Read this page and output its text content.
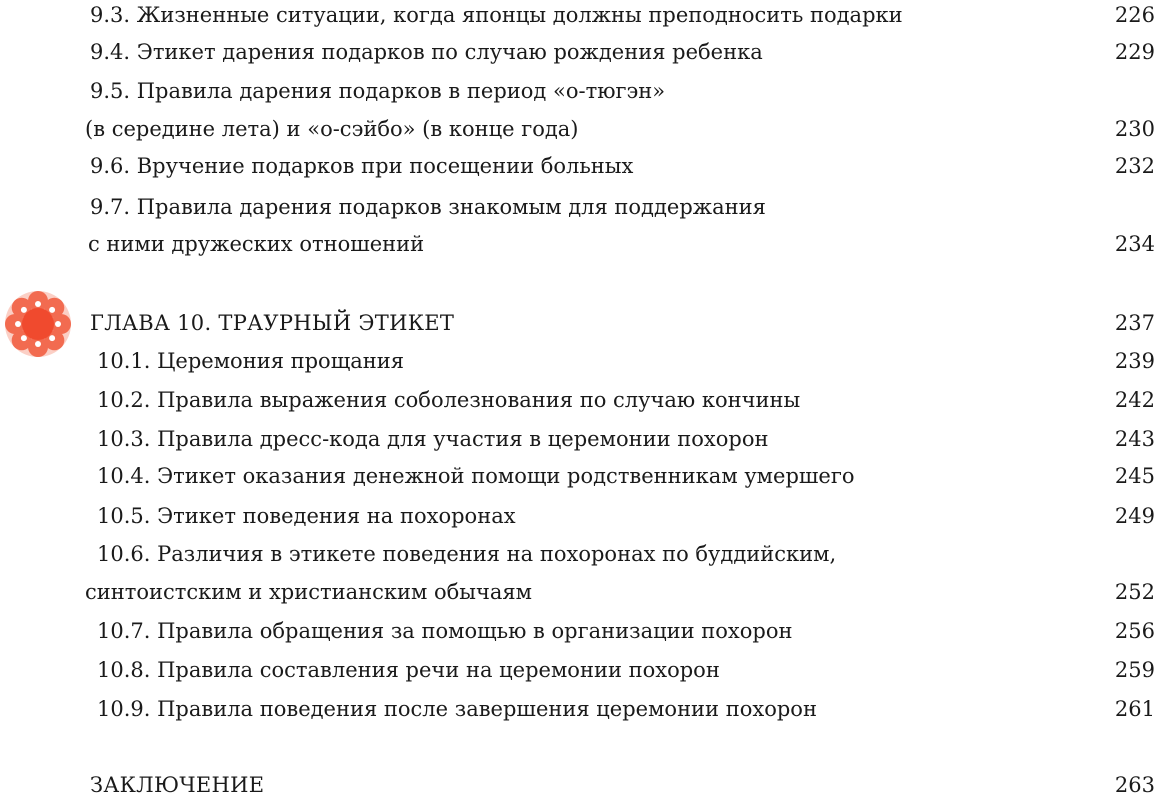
9.3. Жизненные ситуации, когда японцы должны преподносить подарки	226
9.4. Этикет дарения подарков по случаю рождения ребенка	229
9.5. Правила дарения подарков в период «о-тюгэн»
(в середине лета) и «о-сэйбо» (в конце года)	230
9.6. Вручение подарков при посещении больных	232
9.7. Правила дарения подарков знакомым для поддержания
с ними дружеских отношений	234
ГЛАВА 10. ТРАУРНЫЙ ЭТИКЕТ	237
10.1. Церемония прощания	239
10.2. Правила выражения соболезнования по случаю кончины	242
10.3. Правила дресс-кода для участия в церемонии похорон	243
10.4. Этикет оказания денежной помощи родственникам умершего	245
10.5. Этикет поведения на похоронах	249
10.6. Различия в этикете поведения на похоронах по буддийским,
синтоистским и христианским обычаям	252
10.7. Правила обращения за помощью в организации похорон	256
10.8. Правила составления речи на церемонии похорон	259
10.9. Правила поведения после завершения церемонии похорон	261
ЗАКЛЮЧЕНИЕ	263
